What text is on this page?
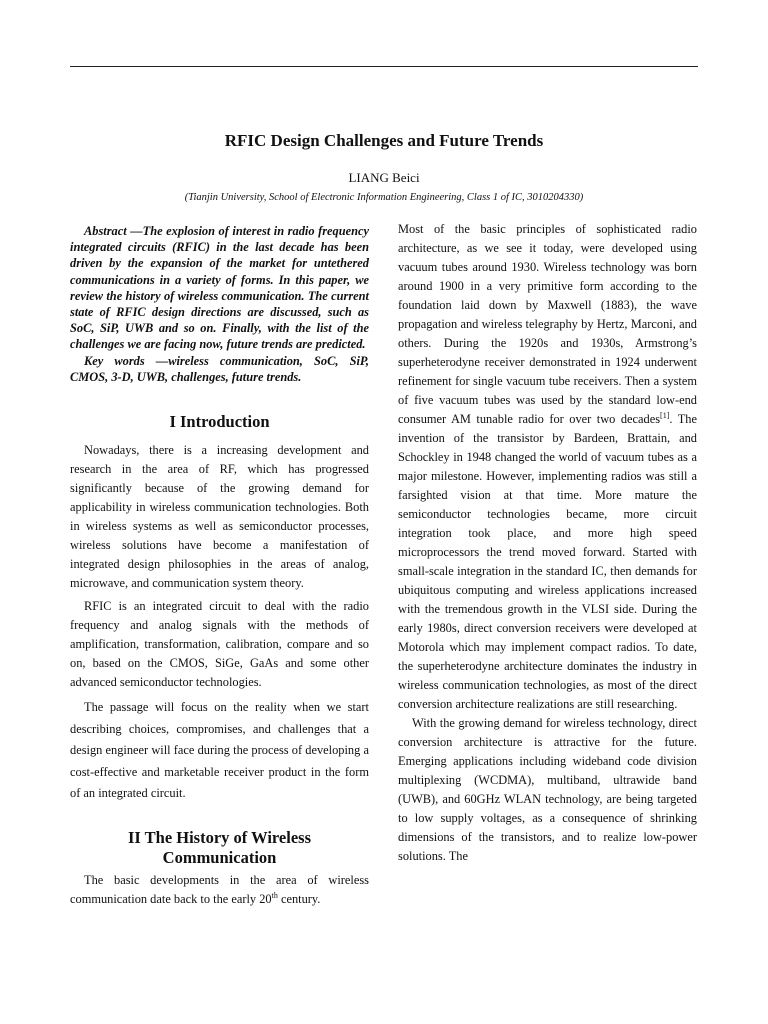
RFIC Design Challenges and Future Trends
LIANG Beici
(Tianjin University, School of Electronic Information Engineering, Class 1 of IC, 3010204330)

Abstract —The explosion of interest in radio frequency integrated circuits (RFIC) in the last decade has been driven by the expansion of the market for untethered communications in a variety of forms. In this paper, we review the history of wireless communication. The current state of RFIC design directions are discussed, such as SoC, SiP, UWB and so on. Finally, with the list of the challenges we are facing now, future trends are predicted.

Key words —wireless communication, SoC, SiP, CMOS, 3-D, UWB, challenges, future trends.

I Introduction

Nowadays, there is a increasing development and research in the area of RF, which has progressed significantly because of the growing demand for applicability in wireless communication technologies. Both in wireless systems as well as semiconductor processes, wireless solutions have become a manifestation of integrated design philosophies in the areas of analog, microwave, and communication system theory.

RFIC is an integrated circuit to deal with the radio frequency and analog signals with the methods of amplification, transformation, calibration, compare and so on, based on the CMOS, SiGe, GaAs and some other advanced semiconductor technologies.

The passage will focus on the reality when we start describing choices, compromises, and challenges that a design engineer will face during the process of developing a cost-effective and marketable receiver product in the form of an integrated circuit.

II The History of Wireless
Communication

The basic developments in the area of wireless communication date back to the early 20th century.

Most of the basic principles of sophisticated radio architecture, as we see it today, were developed using vacuum tubes around 1930. Wireless technology was born around 1900 in a very primitive form according to the foundation laid down by Maxwell (1883), the wave propagation and wireless telegraphy by Hertz, Marconi, and others. During the 1920s and 1930s, Armstrong’s superheterodyne receiver demonstrated in 1924 underwent refinement for single vacuum tube receivers. Then a system of five vacuum tubes was used by the standard low-end consumer AM tunable radio for over two decades[1]. The invention of the transistor by Bardeen, Brattain, and Schockley in 1948 changed the world of vacuum tubes as a major milestone. However, implementing radios was still a farsighted vision at that time. More mature the semiconductor technologies became, more circuit integration took place, and more high speed microprocessors the trend moved forward. Started with small-scale integration in the standard IC, then demands for ubiquitous computing and wireless applications increased with the tremendous growth in the VLSI side. During the early 1980s, direct conversion receivers were developed at Motorola which may implement compact radios. To date, the superheterodyne architecture dominates the industry in wireless communication technologies, as most of the direct conversion architecture realizations are still researching.

With the growing demand for wireless technology, direct conversion architecture is attractive for the future. Emerging applications including wideband code division multiplexing (WCDMA), multiband, ultrawide band (UWB), and 60GHz WLAN technology, are being targeted to low supply voltages, as a consequence of shrinking dimensions of the transistors, and to realize low-power solutions. The
